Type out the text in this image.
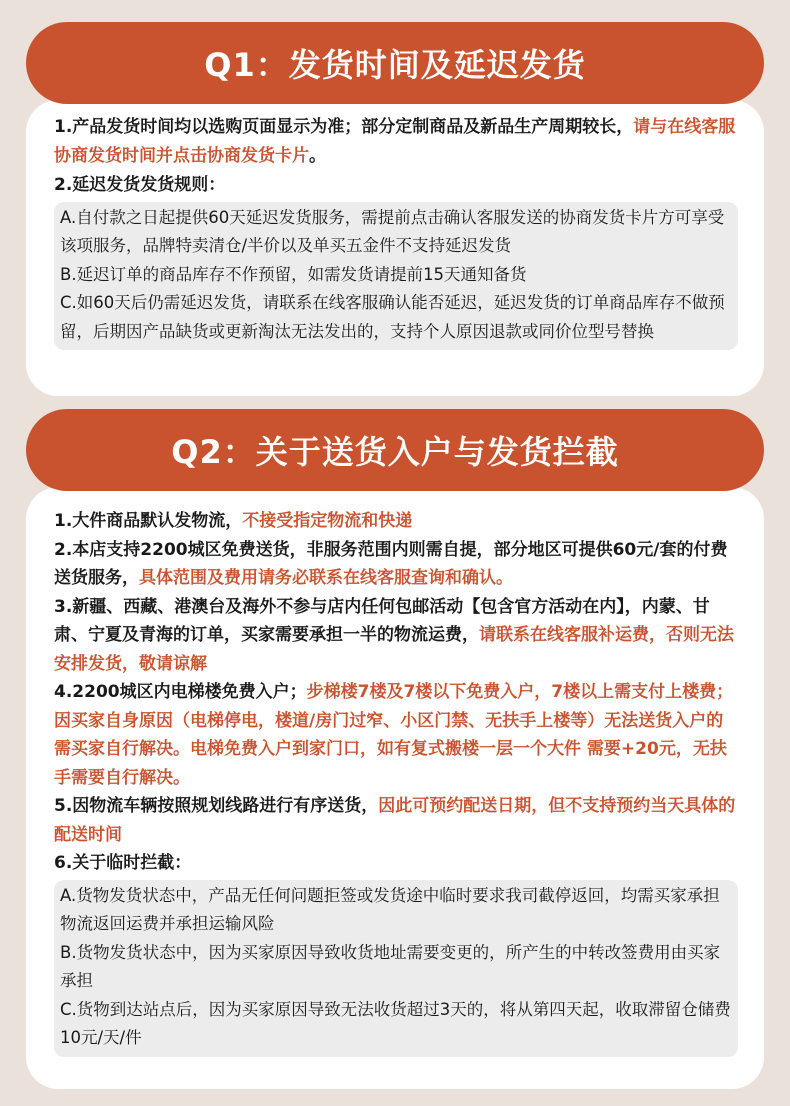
Q1：发货时间及延迟发货
1.产品发货时间均以选购页面显示为准；部分定制商品及新品生产周期较长，请与在线客服协商发货时间并点击协商发货卡片。
2.延迟发货发货规则：
A.自付款之日起提供60天延迟发货服务，需提前点击确认客服发送的协商发货卡片方可享受该项服务，品牌特卖清仓/半价以及单买五金件不支持延迟发货
B.延迟订单的商品库存不作预留，如需发货请提前15天通知备货
C.如60天后仍需延迟发货，请联系在线客服确认能否延迟，延迟发货的订单商品库存不做预留，后期因产品缺货或更新淘汰无法发出的，支持个人原因退款或同价位型号替换
Q2：关于送货入户与发货拦截
1.大件商品默认发物流，不接受指定物流和快递
2.本店支持2200城区免费送货，非服务范围内则需自提，部分地区可提供60元/套的付费送货服务，具体范围及费用请务必联系在线客服查询和确认。
3.新疆、西藏、港澳台及海外不参与店内任何包邮活动【包含官方活动在内】，内蒙、甘肃、宁夏及青海的订单，买家需要承担一半的物流运费，请联系在线客服补运费，否则无法安排发货，敬请谅解
4.2200城区内电梯楼免费入户；步梯楼7楼及7楼以下免费入户，7楼以上需支付上楼费；因买家自身原因（电梯停电，楼道/房门过窄、小区门禁、无扶手上楼等）无法送货入户的需买家自行解决。电梯免费入户到家门口，如有复式搬楼一层一个大件 需要+20元，无扶手需要自行解决。
5.因物流车辆按照规划线路进行有序送货，因此可预约配送日期，但不支持预约当天具体的配送时间
6.关于临时拦截：
A.货物发货状态中，产品无任何问题拒签或发货途中临时要求我司截停返回，均需买家承担物流返回运费并承担运输风险
B.货物发货状态中，因为买家原因导致收货地址需要变更的，所产生的中转改签费用由买家承担
C.货物到达站点后，因为买家原因导致无法收货超过3天的，将从第四天起，收取滞留仓储费10元/天/件
